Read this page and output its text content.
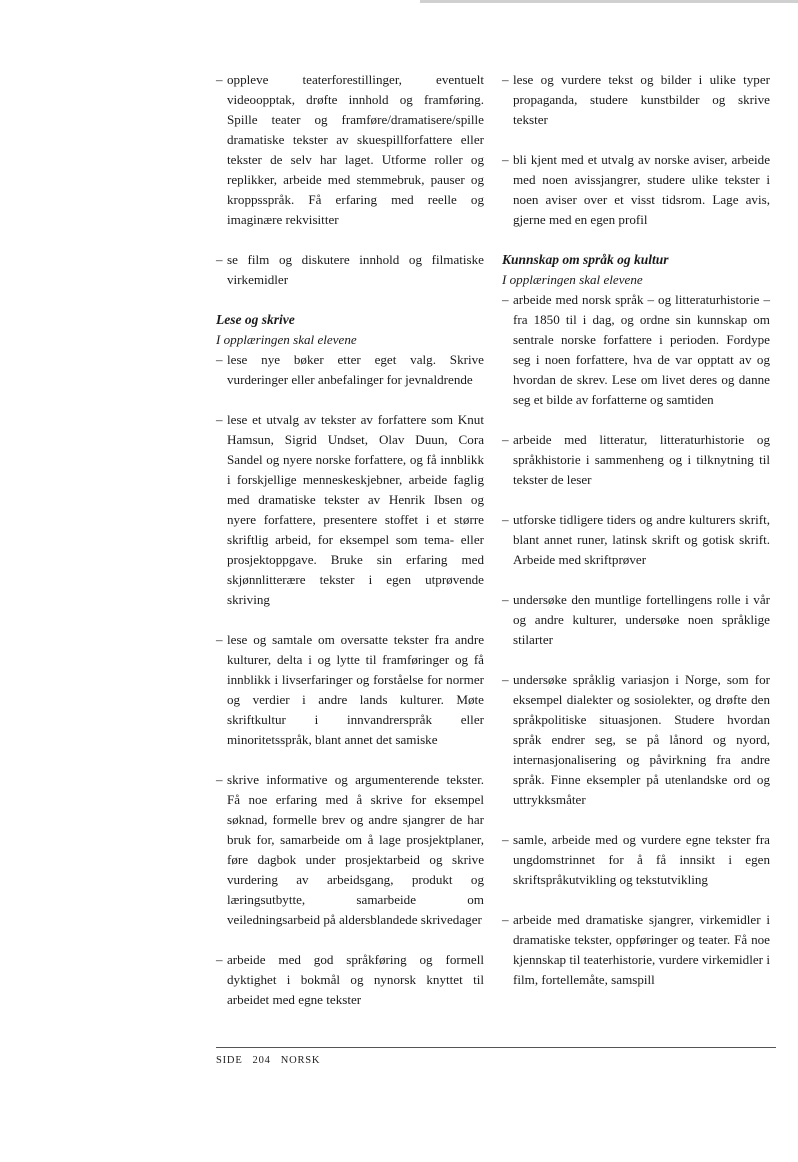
– oppleve teaterforestillinger, eventuelt videoopptak, drøfte innhold og framføring. Spille teater og framføre/dramatisere/spille dramatiske tekster av skuespillforfattere eller tekster de selv har laget. Utforme roller og replikker, arbeide med stemmebruk, pauser og kroppsspråk. Få erfaring med reelle og imaginære rekvisitter
– se film og diskutere innhold og filmatiske virkemidler
Lese og skrive
I opplæringen skal elevene
– lese nye bøker etter eget valg. Skrive vurderinger eller anbefalinger for jevnaldrende
– lese et utvalg av tekster av forfattere som Knut Hamsun, Sigrid Undset, Olav Duun, Cora Sandel og nyere norske forfattere, og få innblikk i forskjellige menneskeskjebner, arbeide faglig med dramatiske tekster av Henrik Ibsen og nyere forfattere, presentere stoffet i et større skriftlig arbeid, for eksempel som tema- eller prosjektoppgave. Bruke sin erfaring med skjønnlitterære tekster i egen utprøvende skriving
– lese og samtale om oversatte tekster fra andre kulturer, delta i og lytte til framføringer og få innblikk i livserfaringer og forståelse for normer og verdier i andre lands kulturer. Møte skriftkultur i innvandrerspråk eller minoritetsspråk, blant annet det samiske
– skrive informative og argumenterende tekster. Få noe erfaring med å skrive for eksempel søknad, formelle brev og andre sjangrer de har bruk for, samarbeide om å lage prosjektplaner, føre dagbok under prosjektarbeid og skrive vurdering av arbeidsgang, produkt og læringsutbytte, samarbeide om veiledningsarbeid på aldersblandede skrivedager
– arbeide med god språkføring og formell dyktighet i bokmål og nynorsk knyttet til arbeidet med egne tekster
– lese og vurdere tekst og bilder i ulike typer propaganda, studere kunstbilder og skrive tekster
– bli kjent med et utvalg av norske aviser, arbeide med noen avissjangrer, studere ulike tekster i noen aviser over et visst tidsrom. Lage avis, gjerne med en egen profil
Kunnskap om språk og kultur
I opplæringen skal elevene
– arbeide med norsk språk – og litteraturhistorie – fra 1850 til i dag, og ordne sin kunnskap om sentrale norske forfattere i perioden. Fordype seg i noen forfattere, hva de var opptatt av og hvordan de skrev. Lese om livet deres og danne seg et bilde av forfatterne og samtiden
– arbeide med litteratur, litteraturhistorie og språkhistorie i sammenheng og i tilknytning til tekster de leser
– utforske tidligere tiders og andre kulturers skrift, blant annet runer, latinsk skrift og gotisk skrift. Arbeide med skriftprøver
– undersøke den muntlige fortellingens rolle i vår og andre kulturer, undersøke noen språklige stilarter
– undersøke språklig variasjon i Norge, som for eksempel dialekter og sosiolekter, og drøfte den språkpolitiske situasjonen. Studere hvordan språk endrer seg, se på lånord og nyord, internasjonalisering og påvirkning fra andre språk. Finne eksempler på utenlandske ord og uttrykksmåter
– samle, arbeide med og vurdere egne tekster fra ungdomstrinnet for å få innsikt i egen skriftspråkutvikling og tekstutvikling
– arbeide med dramatiske sjangrer, virkemidler i dramatiske tekster, oppføringer og teater. Få noe kjennskap til teaterhistorie, vurdere virkemidler i film, fortellemåte, samspill
SIDE 204 NORSK
